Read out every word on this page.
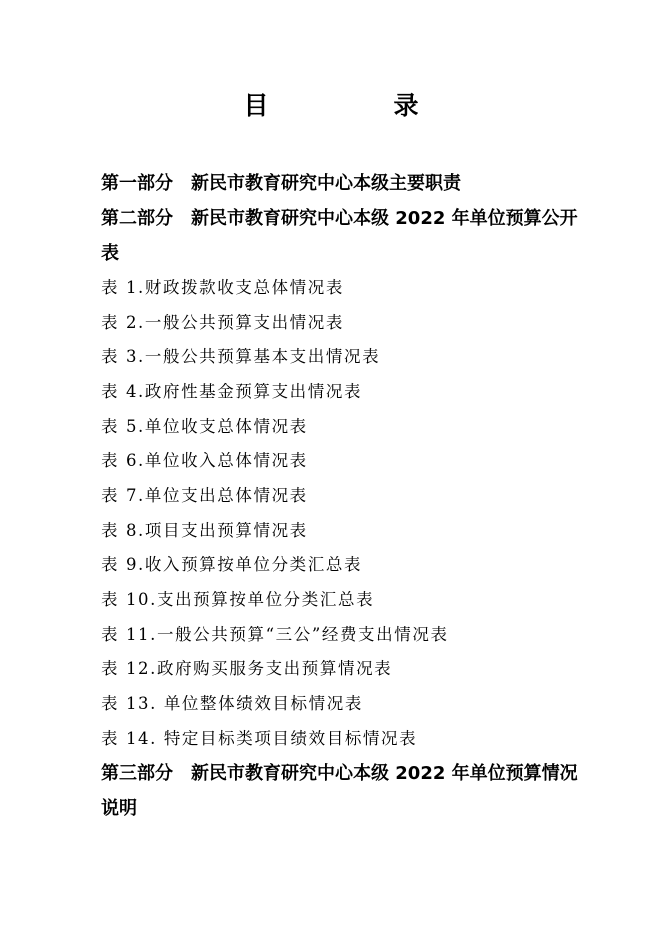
目　录
第一部分 新民市教育研究中心本级主要职责
第二部分 新民市教育研究中心本级 2022 年单位预算公开
表
表 1.财政拨款收支总体情况表
表 2.一般公共预算支出情况表
表 3.一般公共预算基本支出情况表
表 4.政府性基金预算支出情况表
表 5.单位收支总体情况表
表 6.单位收入总体情况表
表 7.单位支出总体情况表
表 8.项目支出预算情况表
表 9.收入预算按单位分类汇总表
表 10.支出预算按单位分类汇总表
表 11.一般公共预算“三公”经费支出情况表
表 12.政府购买服务支出预算情况表
表 13. 单位整体绩效目标情况表
表 14. 特定目标类项目绩效目标情况表
第三部分 新民市教育研究中心本级 2022 年单位预算情况
说明
